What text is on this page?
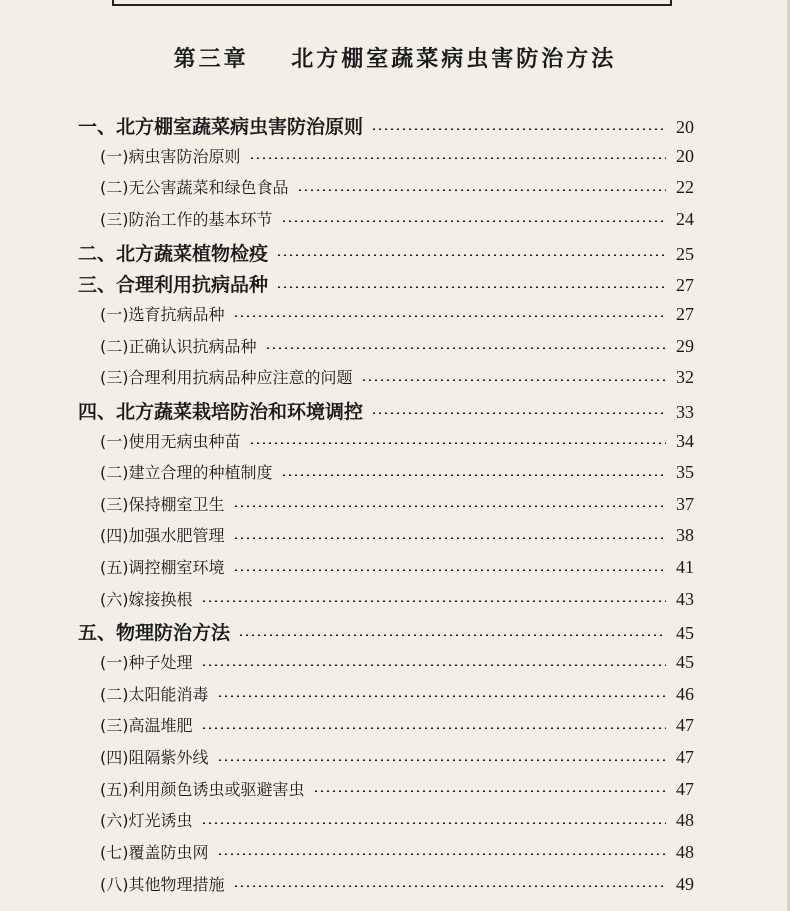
第三章    北方棚室蔬菜病虫害防治方法
一、北方棚室蔬菜病虫害防治原则	20
(一)病虫害防治原则	20
(二)无公害蔬菜和绿色食品	22
(三)防治工作的基本环节	24
二、北方蔬菜植物检疫	25
三、合理利用抗病品种	27
(一)选育抗病品种	27
(二)正确认识抗病品种	29
(三)合理利用抗病品种应注意的问题	32
四、北方蔬菜栽培防治和环境调控	33
(一)使用无病虫种苗	34
(二)建立合理的种植制度	35
(三)保持棚室卫生	37
(四)加强水肥管理	38
(五)调控棚室环境	41
(六)嫁接换根	43
五、物理防治方法	45
(一)种子处理	45
(二)太阳能消毒	46
(三)高温堆肥	47
(四)阻隔紫外线	47
(五)利用颜色诱虫或驱避害虫	47
(六)灯光诱虫	48
(七)覆盖防虫网	48
(八)其他物理措施	49
